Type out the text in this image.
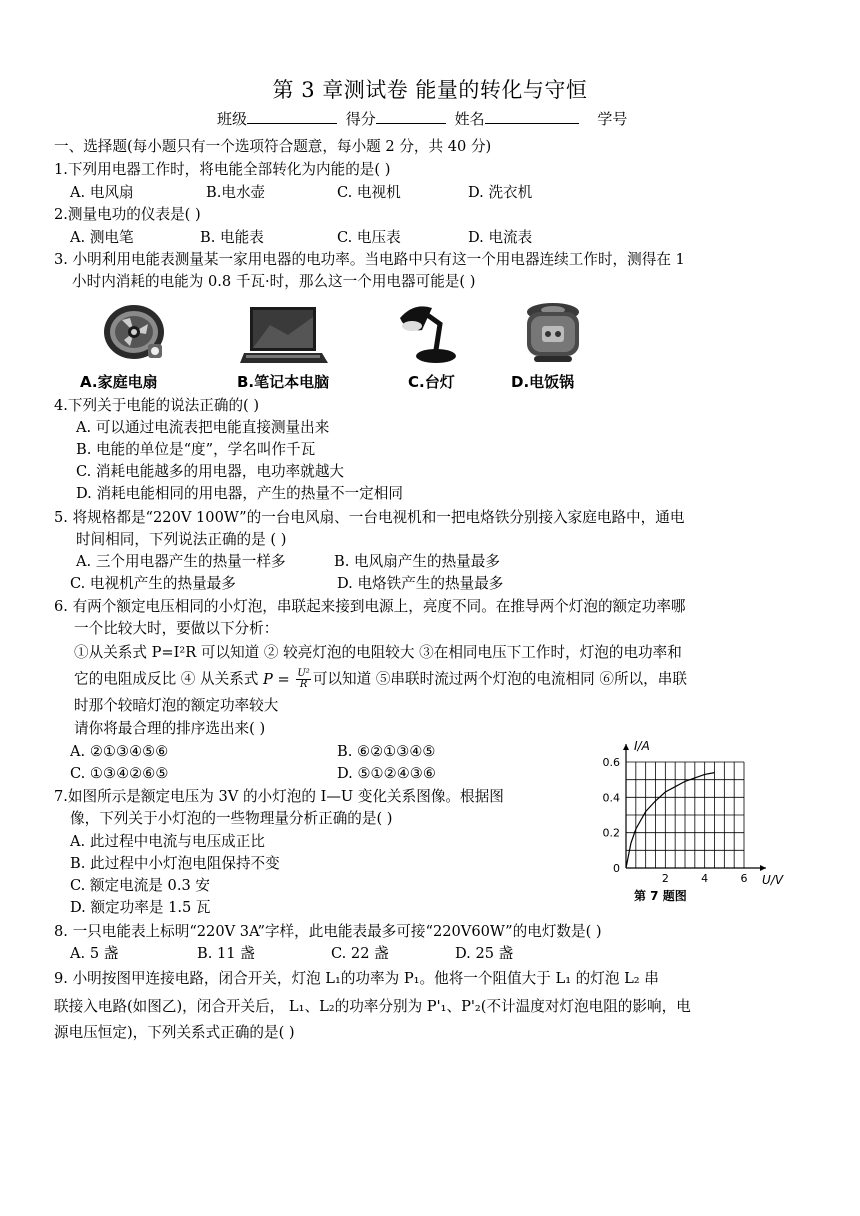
第 3 章测试卷 能量的转化与守恒
班级	得分	姓名	学号
一、选择题(每小题只有一个选项符合题意，每小题 2 分，共 40 分)
1.下列用电器工作时，将电能全部转化为内能的是( )
A. 电风扇	B.电水壶	C. 电视机	D. 洗衣机
2.测量电功的仪表是( )
A. 测电笔	B. 电能表	C. 电压表	D. 电流表
3. 小明利用电能表测量某一家用电器的电功率。当电路中只有这一个用电器连续工作时，测得在 1
小时内消耗的电能为 0.8 千瓦·时，那么这一个用电器可能是( )
A.家庭电扇	B.笔记本电脑	C.台灯	D.电饭锅
4.下列关于电能的说法正确的( )
A. 可以通过电流表把电能直接测量出来
B. 电能的单位是“度”，学名叫作千瓦
C. 消耗电能越多的用电器，电功率就越大
D. 消耗电能相同的用电器，产生的热量不一定相同
5. 将规格都是“220V 100W”的一台电风扇、一台电视机和一把电烙铁分别接入家庭电路中，通电
时间相同，下列说法正确的是 ( )
A. 三个用电器产生的热量一样多	B. 电风扇产生的热量最多
C. 电视机产生的热量最多	D. 电烙铁产生的热量最多
6. 有两个额定电压相同的小灯泡，串联起来接到电源上，亮度不同。在推导两个灯泡的额定功率哪
一个比较大时，要做以下分析：
①从关系式 P=I²R 可以知道 ② 较亮灯泡的电阻较大 ③在相同电压下工作时，灯泡的电功率和
它的电阻成反比 ④ 从关系式 $P = \frac{\text{U²}}{R}$ 可以知道 ⑤串联时流过两个灯泡的电流相同 ⑥所以，串联
时那个较暗灯泡的额定功率较大
请你将最合理的排序选出来( )
A. ②①③④⑤⑥	B. ⑥②①③④⑤
C. ①③④②⑥⑤	D. ⑤①②④③⑥
7.如图所示是额定电压为 3V 的小灯泡的 I—U 变化关系图像。根据图
像，下列关于小灯泡的一些物理量分析正确的是( )
A. 此过程中电流与电压成正比
B. 此过程中小灯泡电阻保持不变
C. 额定电流是 0.3 安
D. 额定功率是 1.5 瓦
2	4	6
0.2
0.4
0.6
0
U/V
I/A
第 7 题图
8. 一只电能表上标明“220V 3A”字样，此电能表最多可接“220V60W”的电灯数是( )
A. 5 盏	B. 11 盏	C. 22 盏	D. 25 盏
9. 小明按图甲连接电路，闭合开关，灯泡 L₁的功率为 P₁。他将一个阻值大于 L₁ 的灯泡 L₂ 串
联接入电路(如图乙)，闭合开关后， L₁、L₂的功率分别为 P'₁、P'₂(不计温度对灯泡电阻的影响，电
源电压恒定)，下列关系式正确的是( )
